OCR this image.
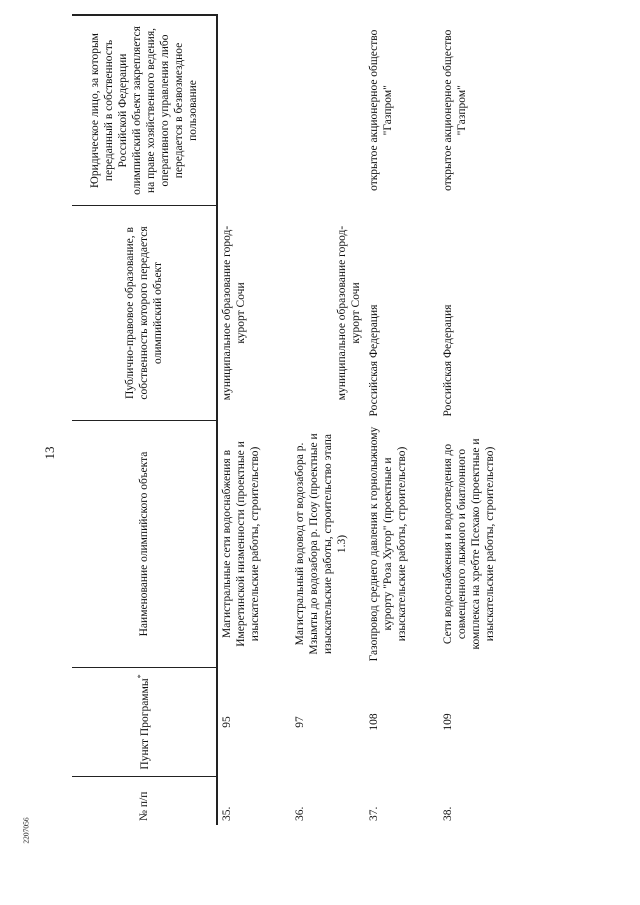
13
2207056
№ п/п	Пункт Программы*	Наименование олимпийского объекта	Публично-правовое образование, в собственность которого передается олимпийский объект	Юридическое лицо, за которым переданный в собственность Российской Федерации олимпийский объект закрепляется на праве хозяйственного ведения, оперативного управления либо передается в безвозмездное пользование
35.	95	Магистральные сети водоснабжения в Имеретинской низменности (проектные и изыскательские работы, строительство)	муниципальное образование город-курорт Сочи	
36.	97	Магистральный водовод от водозабора р. Мзымты до водозабора р. Псоу (проектные и изыскательские работы, строительство этапа 1.3)	муниципальное образование город-курорт Сочи	
37.	108	Газопровод среднего давления к горнолыжному курорту "Роза Хутор" (проектные и изыскательские работы, строительство)	Российская Федерация	открытое акционерное общество "Газпром"
38.	109	Сети водоснабжения и водоотведения до совмещенного лыжного и биатлонного комплекса на хребте Псехако (проектные и изыскательские работы, строительство)	Российская Федерация	открытое акционерное общество "Газпром"
